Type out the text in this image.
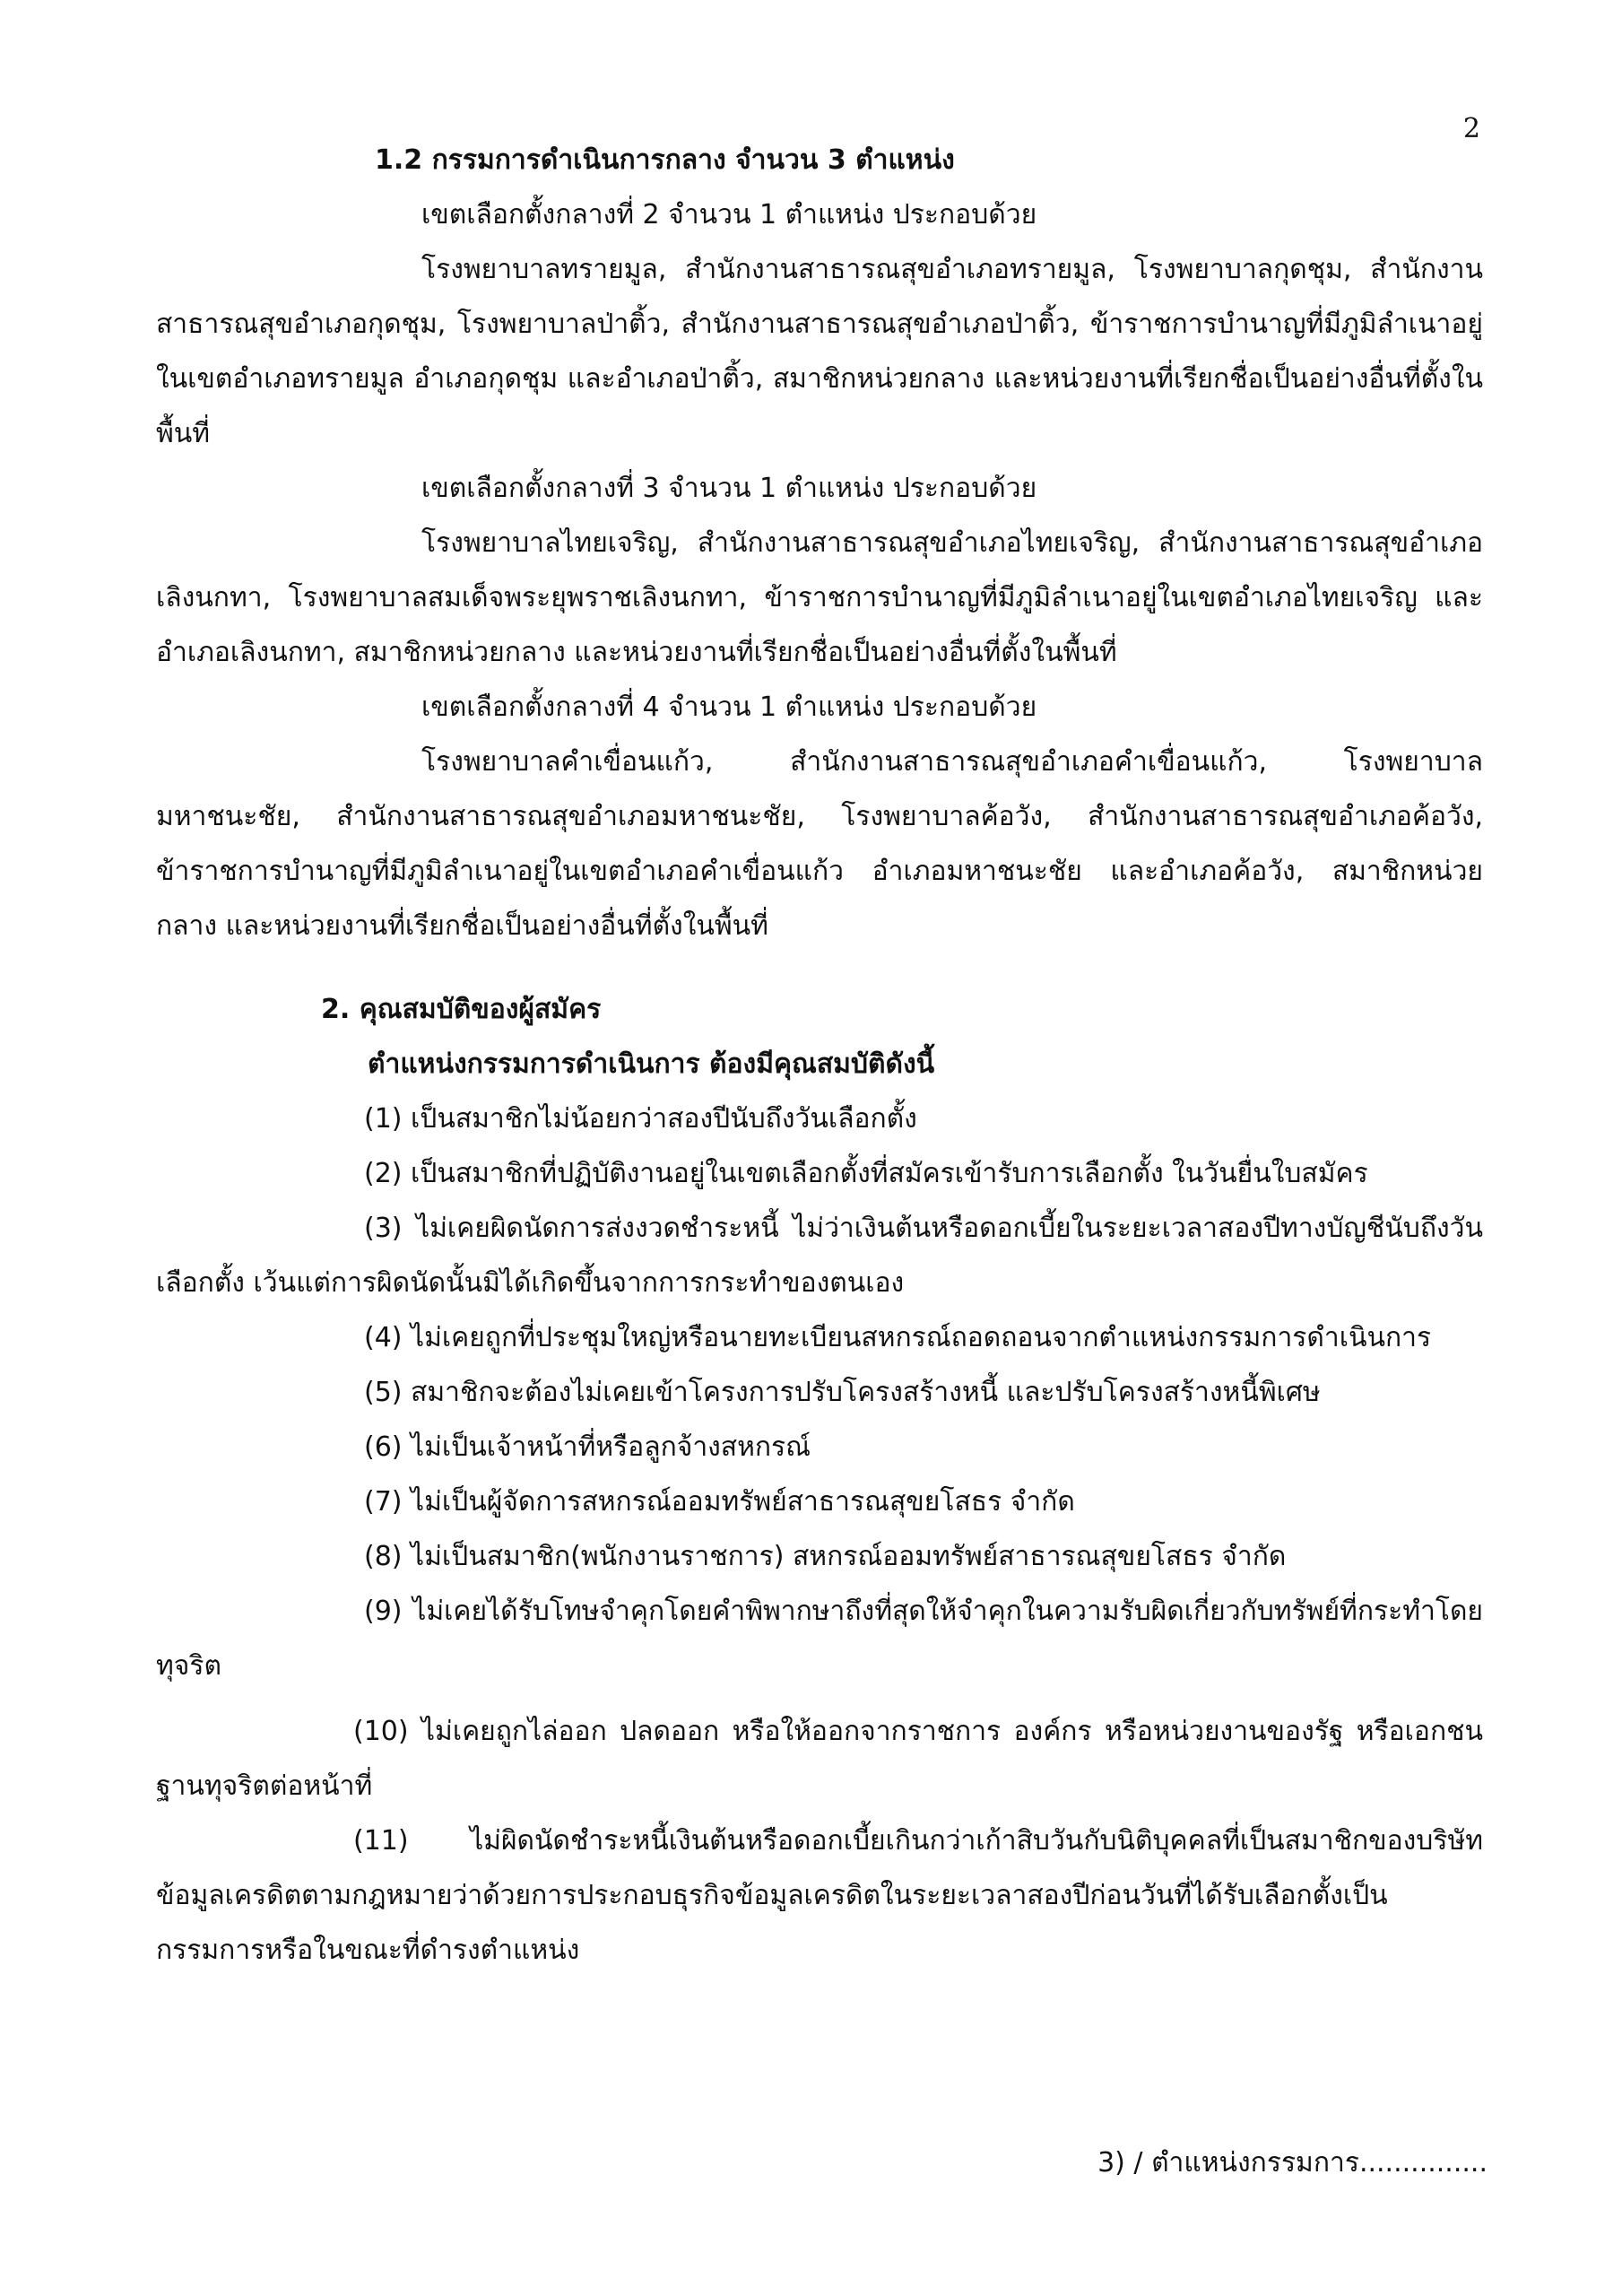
2
1.2 กรรมการดำเนินการกลาง จำนวน 3 ตำแหน่ง
เขตเลือกตั้งกลางที่ 2 จำนวน 1 ตำแหน่ง ประกอบด้วย

โรงพยาบาลทรายมูล, สำนักงานสาธารณสุขอำเภอทรายมูล, โรงพยาบาลกุดชุม, สำนักงานสาธารณสุขอำเภอกุดชุม, โรงพยาบาลป่าติ้ว, สำนักงานสาธารณสุขอำเภอป่าติ้ว, ข้าราชการบำนาญที่มีภูมิลำเนาอยู่ในเขตอำเภอทรายมูล อำเภอกุดชุม และอำเภอป่าติ้ว, สมาชิกหน่วยกลาง และหน่วยงานที่เรียกชื่อเป็นอย่างอื่นที่ตั้งในพื้นที่

เขตเลือกตั้งกลางที่ 3 จำนวน 1 ตำแหน่ง ประกอบด้วย

โรงพยาบาลไทยเจริญ, สำนักงานสาธารณสุขอำเภอไทยเจริญ, สำนักงานสาธารณสุขอำเภอเลิงนกทา, โรงพยาบาลสมเด็จพระยุพราชเลิงนกทา, ข้าราชการบำนาญที่มีภูมิลำเนาอยู่ในเขตอำเภอไทยเจริญ และอำเภอเลิงนกทา, สมาชิกหน่วยกลาง และหน่วยงานที่เรียกชื่อเป็นอย่างอื่นที่ตั้งในพื้นที่

เขตเลือกตั้งกลางที่ 4 จำนวน 1 ตำแหน่ง ประกอบด้วย

โรงพยาบาลคำเขื่อนแก้ว, สำนักงานสาธารณสุขอำเภอคำเขื่อนแก้ว, โรงพยาบาลมหาชนะชัย, สำนักงานสาธารณสุขอำเภอมหาชนะชัย, โรงพยาบาลค้อวัง, สำนักงานสาธารณสุขอำเภอค้อวัง, ข้าราชการบำนาญที่มีภูมิลำเนาอยู่ในเขตอำเภอคำเขื่อนแก้ว อำเภอมหาชนะชัย และอำเภอค้อวัง, สมาชิกหน่วยกลาง และหน่วยงานที่เรียกชื่อเป็นอย่างอื่นที่ตั้งในพื้นที่

2. คุณสมบัติของผู้สมัคร
ตำแหน่งกรรมการดำเนินการ ต้องมีคุณสมบัติดังนี้
(1) เป็นสมาชิกไม่น้อยกว่าสองปีนับถึงวันเลือกตั้ง
(2) เป็นสมาชิกที่ปฏิบัติงานอยู่ในเขตเลือกตั้งที่สมัครเข้ารับการเลือกตั้ง ในวันยื่นใบสมัคร

(3) ไม่เคยผิดนัดการส่งงวดชำระหนี้ ไม่ว่าเงินต้นหรือดอกเบี้ยในระยะเวลาสองปีทางบัญชีนับถึงวันเลือกตั้ง เว้นแต่การผิดนัดนั้นมิได้เกิดขึ้นจากการกระทำของตนเอง

(4) ไม่เคยถูกที่ประชุมใหญ่หรือนายทะเบียนสหกรณ์ถอดถอนจากตำแหน่งกรรมการดำเนินการ
(5) สมาชิกจะต้องไม่เคยเข้าโครงการปรับโครงสร้างหนี้ และปรับโครงสร้างหนี้พิเศษ
(6) ไม่เป็นเจ้าหน้าที่หรือลูกจ้างสหกรณ์
(7) ไม่เป็นผู้จัดการสหกรณ์ออมทรัพย์สาธารณสุขยโสธร จำกัด
(8) ไม่เป็นสมาชิก(พนักงานราชการ) สหกรณ์ออมทรัพย์สาธารณสุขยโสธร จำกัด

(9) ไม่เคยได้รับโทษจำคุกโดยคำพิพากษาถึงที่สุดให้จำคุกในความรับผิดเกี่ยวกับทรัพย์ที่กระทำโดยทุจริต

(10) ไม่เคยถูกไล่ออก ปลดออก หรือให้ออกจากราชการ องค์กร หรือหน่วยงานของรัฐ หรือเอกชนฐานทุจริตต่อหน้าที่

(11) ไม่ผิดนัดชำระหนี้เงินต้นหรือดอกเบี้ยเกินกว่าเก้าสิบวันกับนิติบุคคลที่เป็นสมาชิกของบริษัทข้อมูลเครดิตตามกฎหมายว่าด้วยการประกอบธุรกิจข้อมูลเครดิตในระยะเวลาสองปีก่อนวันที่ได้รับเลือกตั้งเป็นกรรมการหรือในขณะที่ดำรงตำแหน่ง

3) / ตำแหน่งกรรมการ...............
